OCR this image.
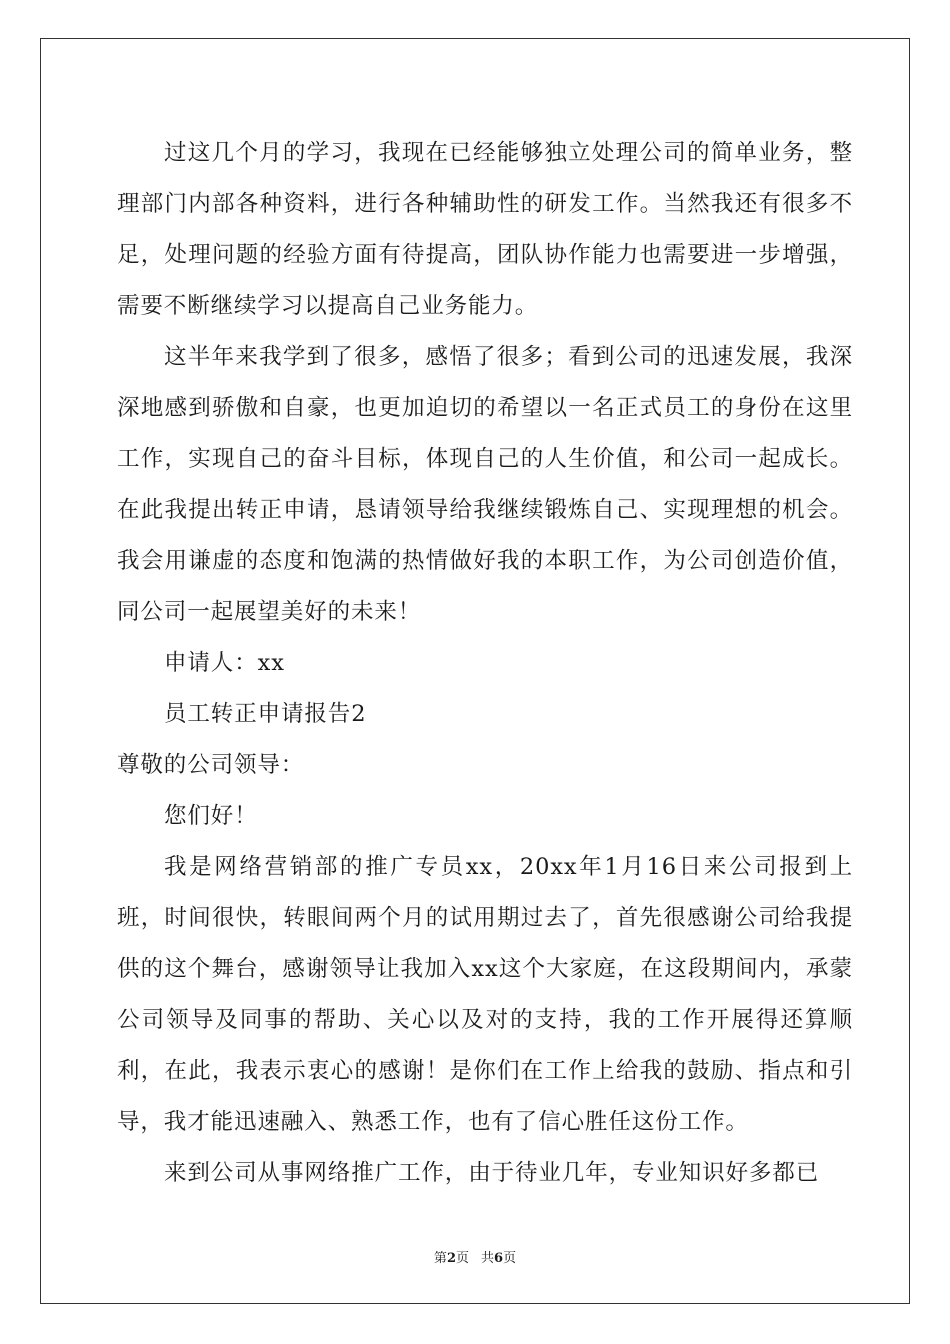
过这几个月的学习，我现在已经能够独立处理公司的简单业务，整理部门内部各种资料，进行各种辅助性的研发工作。当然我还有很多不足，处理问题的经验方面有待提高，团队协作能力也需要进一步增强，需要不断继续学习以提高自己业务能力。

这半年来我学到了很多，感悟了很多；看到公司的迅速发展，我深深地感到骄傲和自豪，也更加迫切的希望以一名正式员工的身份在这里工作，实现自己的奋斗目标，体现自己的人生价值，和公司一起成长。在此我提出转正申请，恳请领导给我继续锻炼自己、实现理想的机会。我会用谦虚的态度和饱满的热情做好我的本职工作，为公司创造价值，同公司一起展望美好的未来！

申请人：xx

员工转正申请报告2

尊敬的公司领导：

您们好！

我是网络营销部的推广专员xx，20xx年1月16日来公司报到上班，时间很快，转眼间两个月的试用期过去了，首先很感谢公司给我提供的这个舞台，感谢领导让我加入xx这个大家庭，在这段期间内，承蒙公司领导及同事的帮助、关心以及对的支持，我的工作开展得还算顺利，在此，我表示衷心的感谢！是你们在工作上给我的鼓励、指点和引导，我才能迅速融入、熟悉工作，也有了信心胜任这份工作。

来到公司从事网络推广工作，由于待业几年，专业知识好多都已

第2页 共6页
